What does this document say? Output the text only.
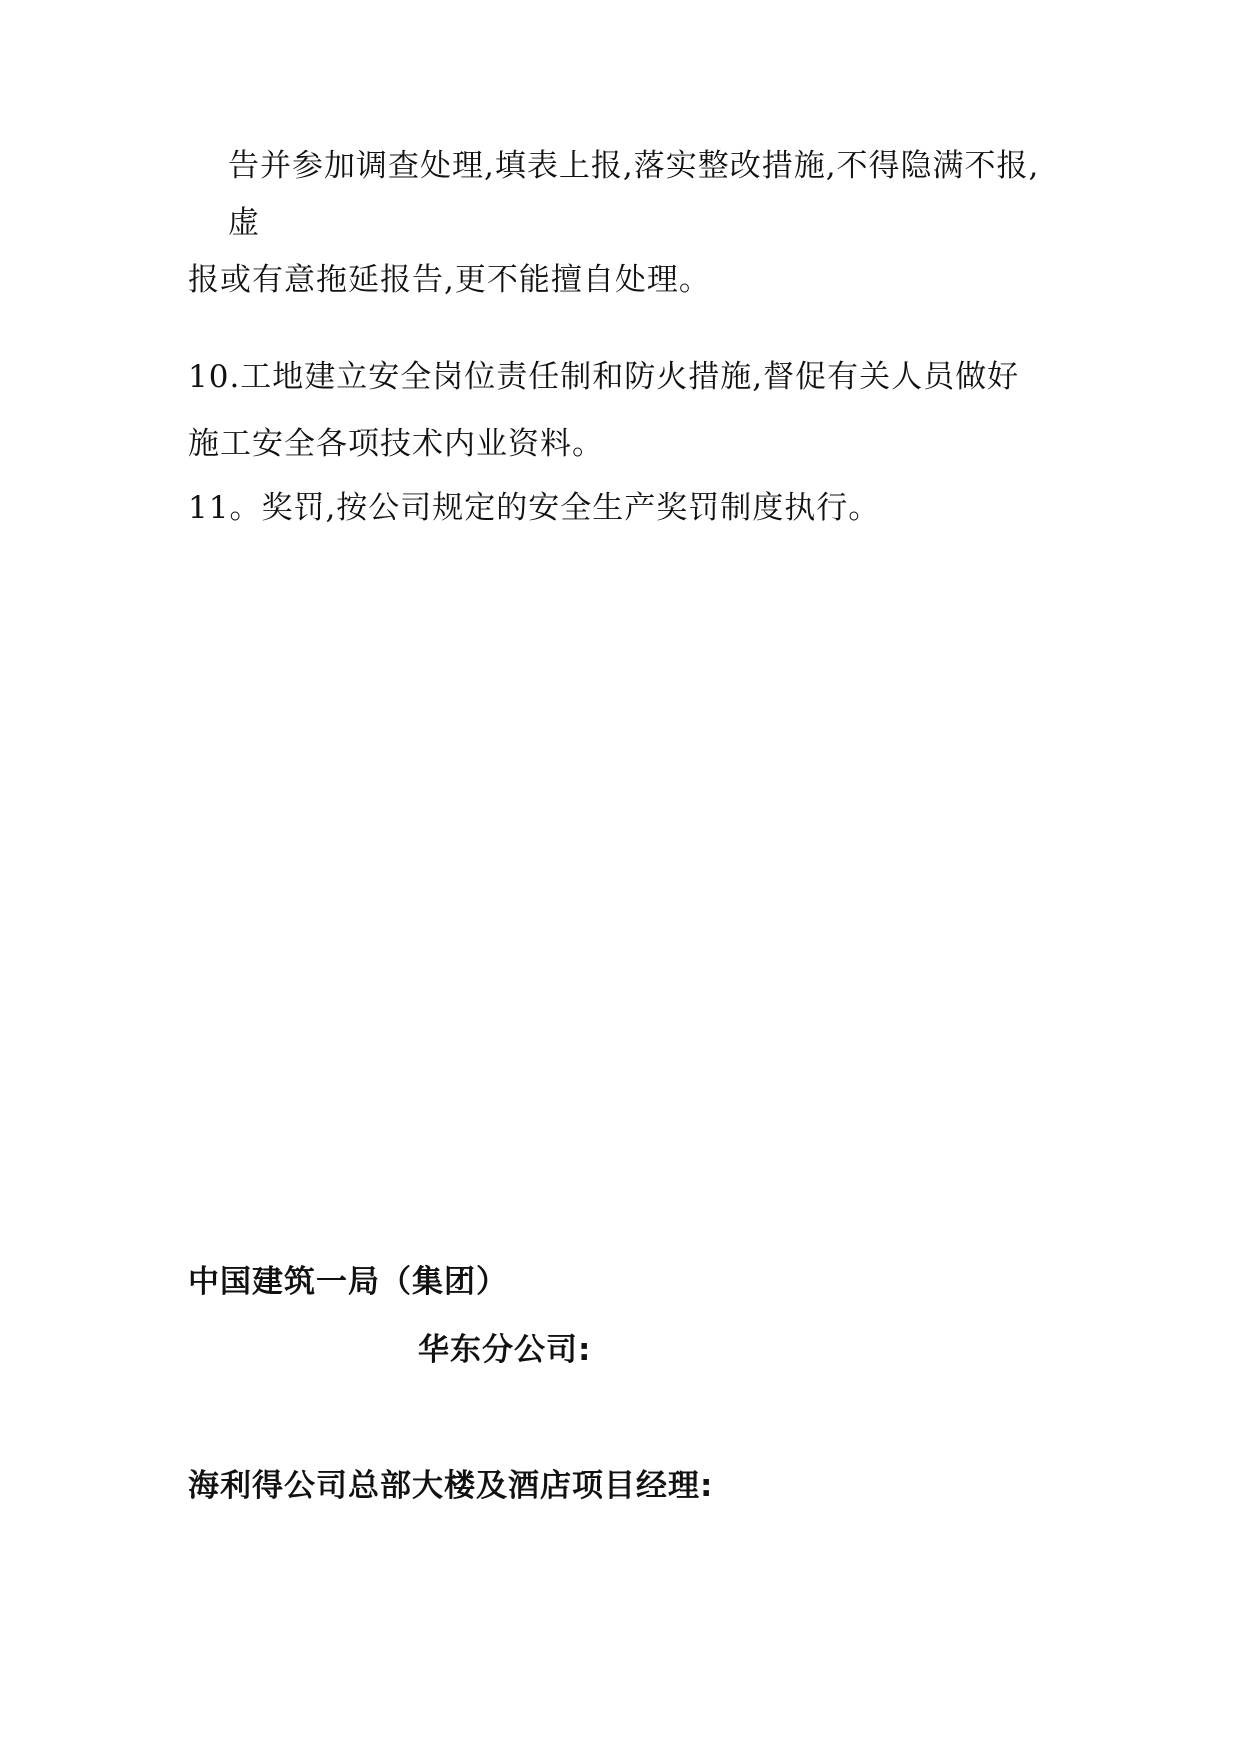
告并参加调查处理,填表上报,落实整改措施,不得隐满不报,
虚
报或有意拖延报告,更不能擅自处理。
10.工地建立安全岗位责任制和防火措施,督促有关人员做好
施工安全各项技术内业资料。
11。奖罚,按公司规定的安全生产奖罚制度执行。
中国建筑一局（集团）
华东分公司:
海利得公司总部大楼及酒店项目经理:
